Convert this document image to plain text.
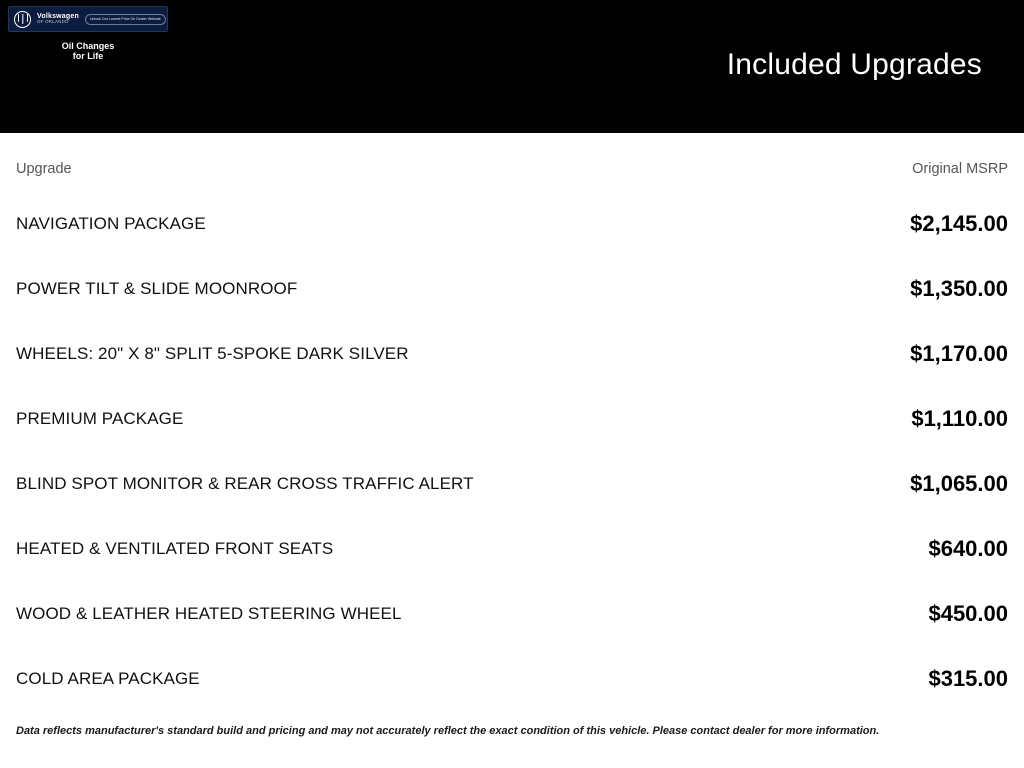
Volkswagen
OF ORLANDO
Unlock Our Lowest Price On Dealer Website
Oil Changes
for Life	Included Upgrades
Upgrade	Original MSRP
NAVIGATION PACKAGE	$2,145.00
POWER TILT & SLIDE MOONROOF	$1,350.00
WHEELS: 20" X 8" SPLIT 5-SPOKE DARK SILVER	$1,170.00
PREMIUM PACKAGE	$1,110.00
BLIND SPOT MONITOR & REAR CROSS TRAFFIC ALERT	$1,065.00
HEATED & VENTILATED FRONT SEATS	$640.00
WOOD & LEATHER HEATED STEERING WHEEL	$450.00
COLD AREA PACKAGE	$315.00
Data reflects manufacturer's standard build and pricing and may not accurately reflect the exact condition of this vehicle. Please contact dealer for more information.
